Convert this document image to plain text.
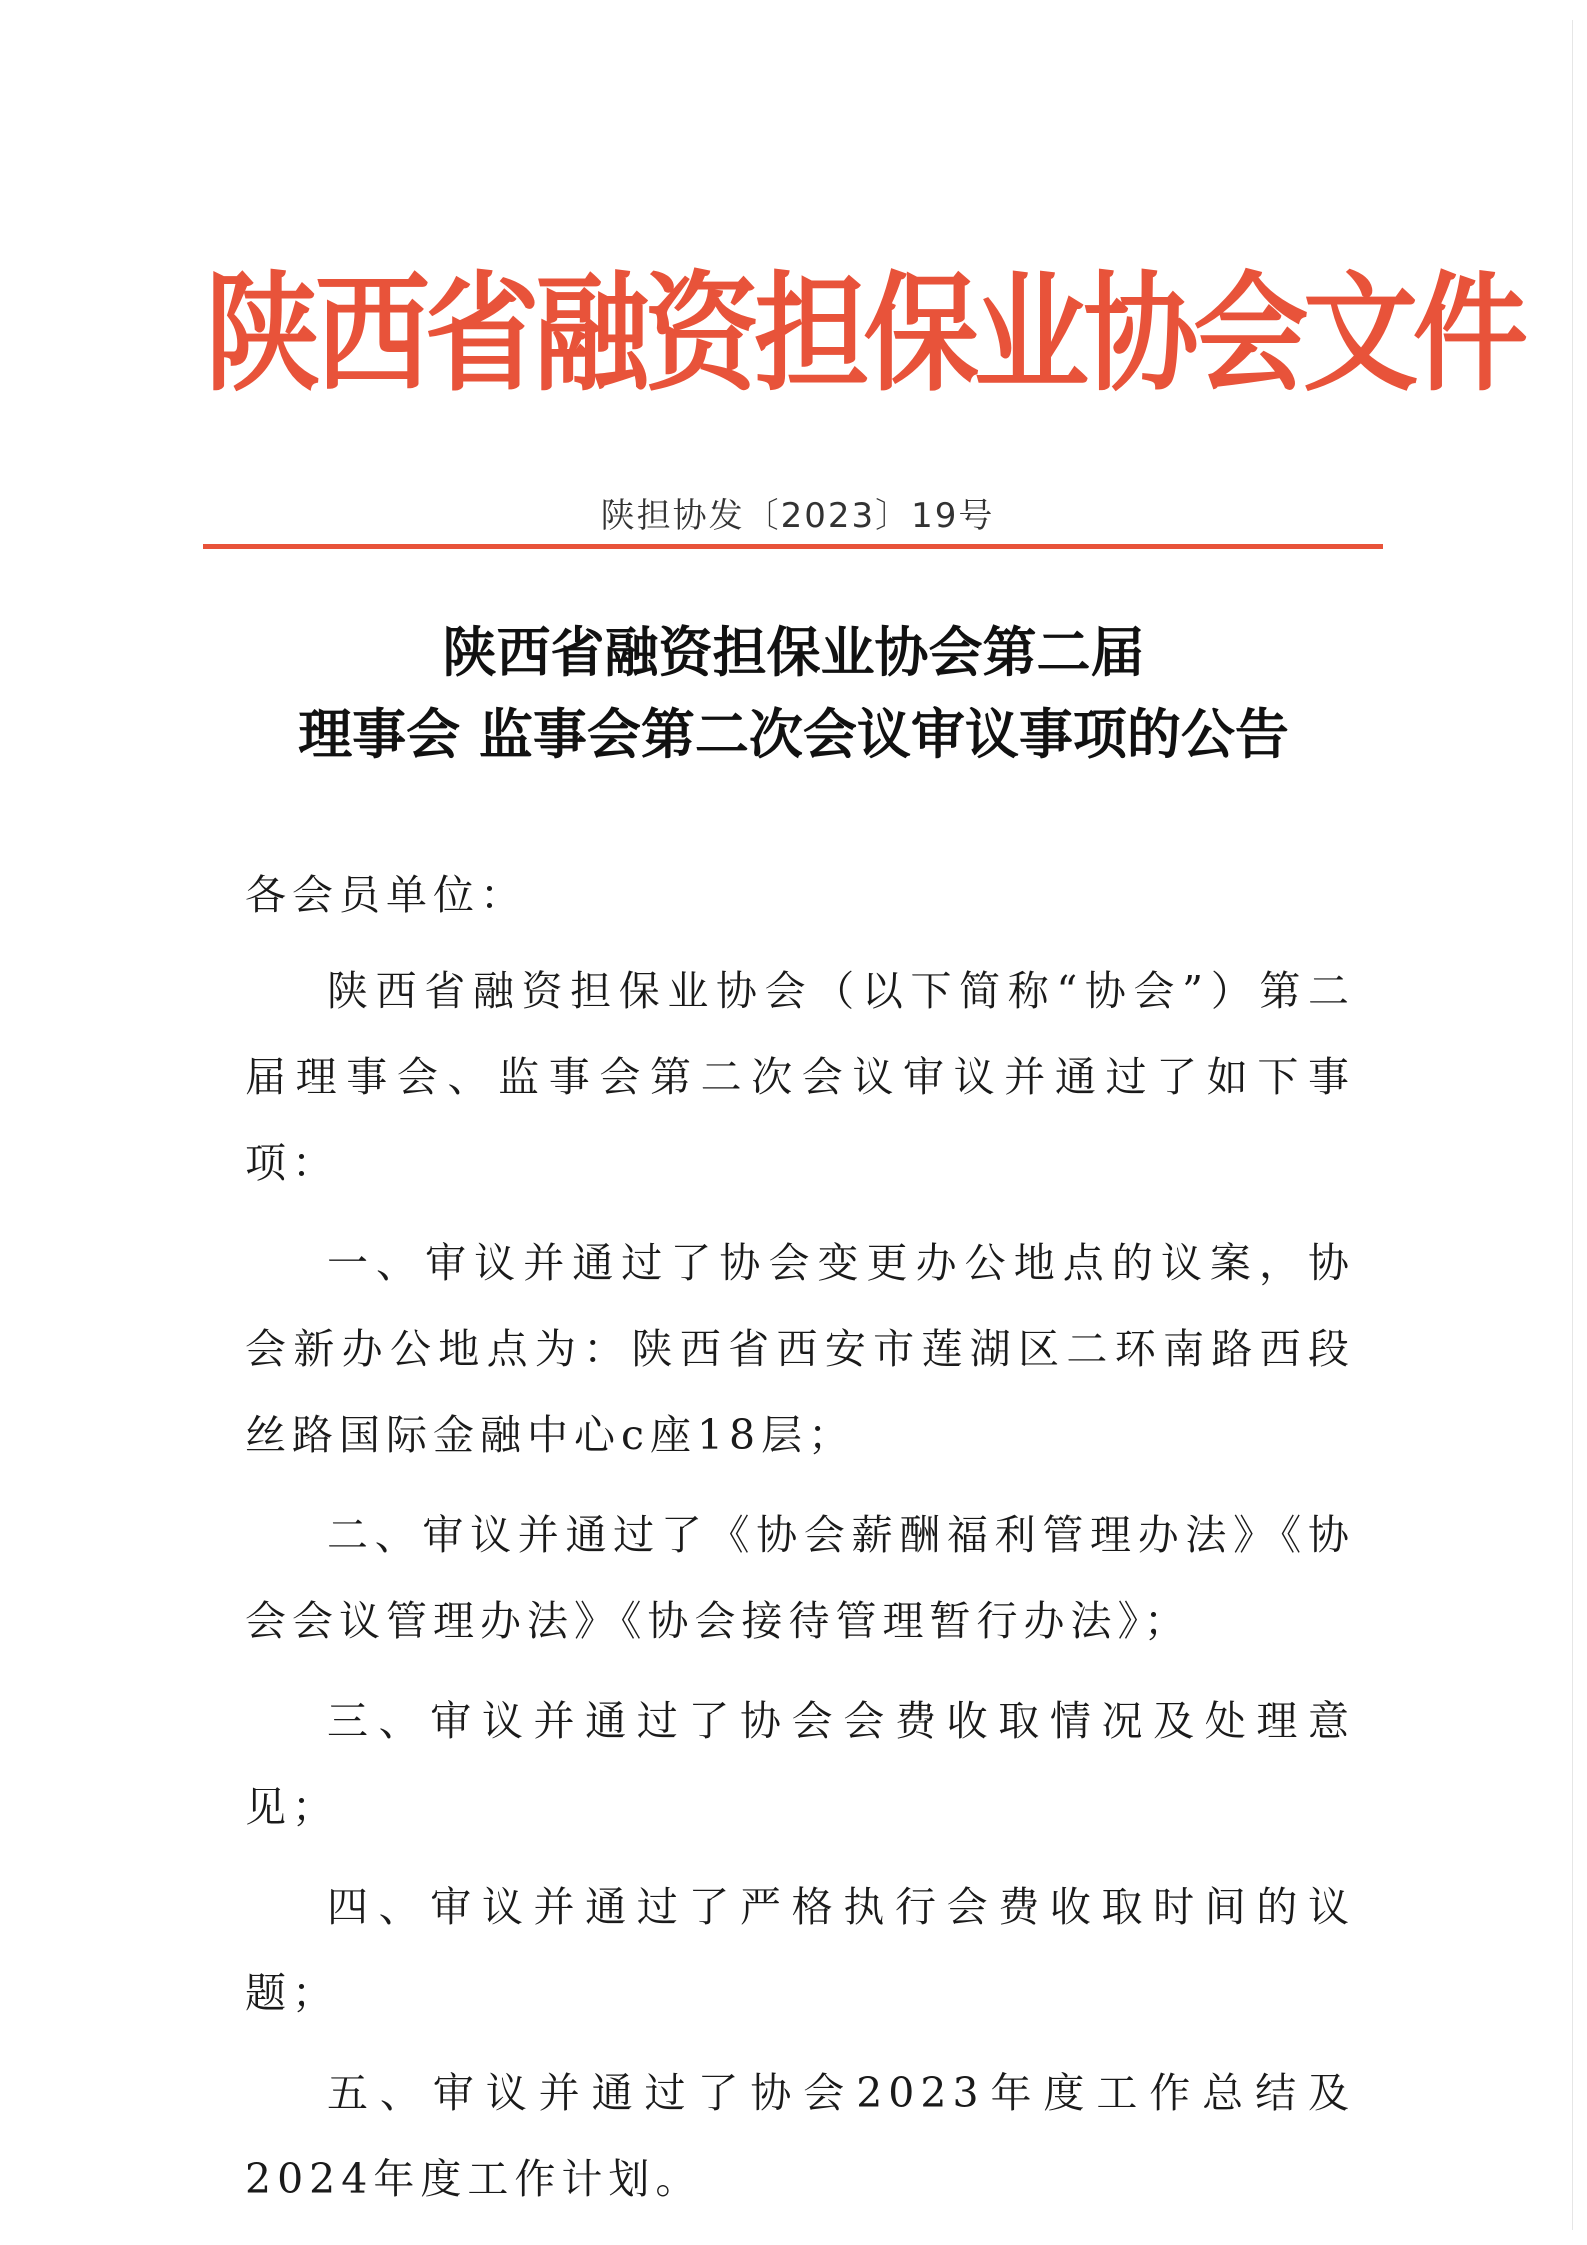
陕西省融资担保业协会文件
陕担协发〔2023〕19号
陕西省融资担保业协会第二届
理事会 监事会第二次会议审议事项的公告

各会员单位：

陕西省融资担保业协会（以下简称“协会”）第二届理事会、监事会第二次会议审议并通过了如下事项：

一、审议并通过了协会变更办公地点的议案，协会新办公地点为：陕西省西安市莲湖区二环南路西段丝路国际金融中心c座18层；

二、审议并通过了《协会薪酬福利管理办法》《协会会议管理办法》《协会接待管理暂行办法》；

三、审议并通过了协会会费收取情况及处理意见；

四、审议并通过了严格执行会费收取时间的议题；

五、审议并通过了协会2023年度工作总结及2024年度工作计划。
